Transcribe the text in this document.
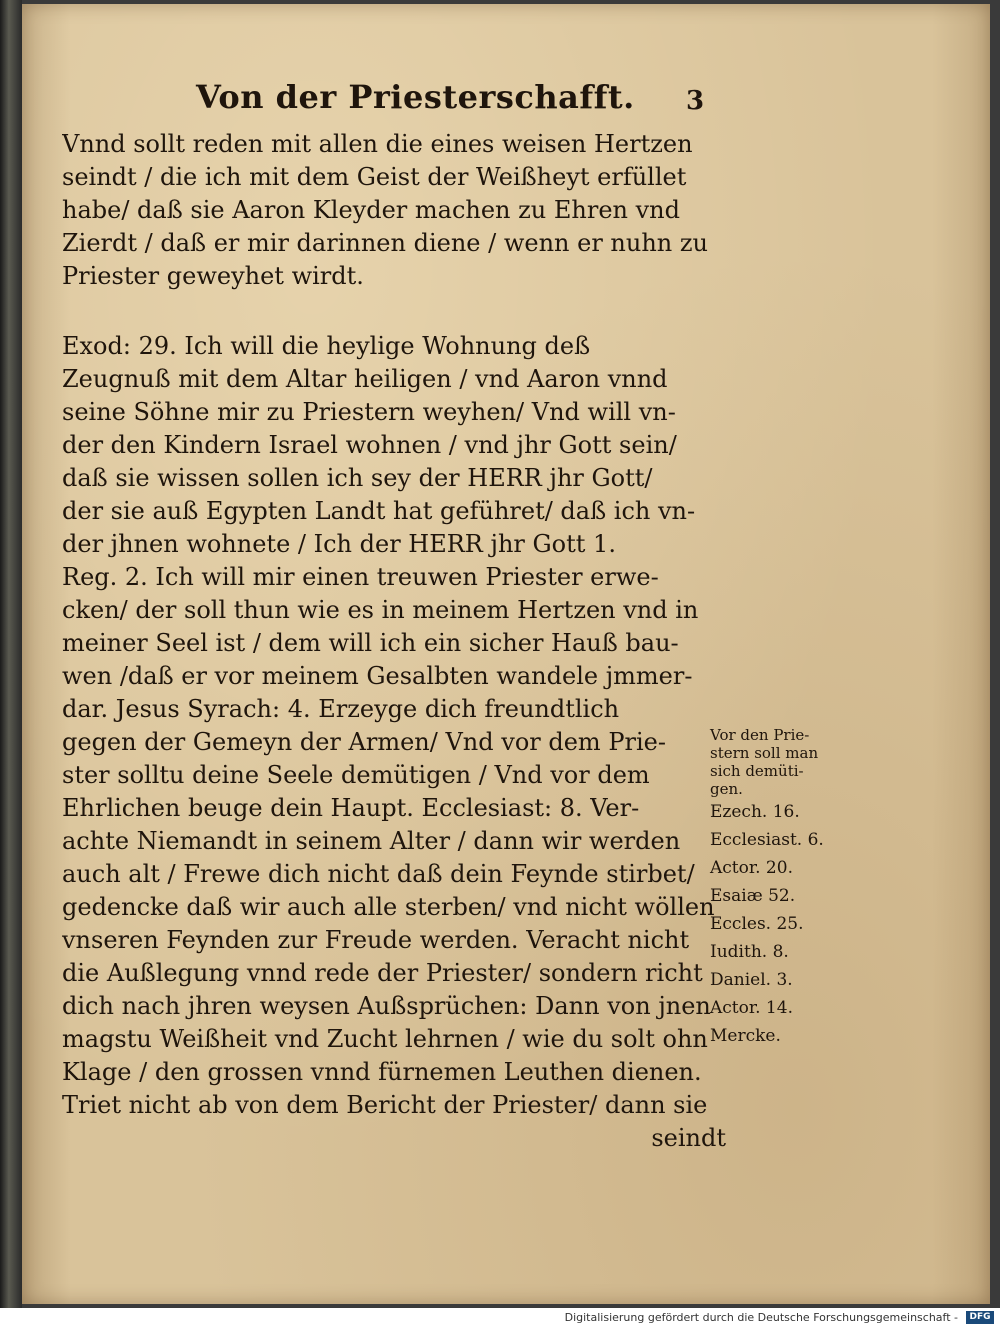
Von der Priesterschafft. 3
Vnnd sollt reden mit allen die eines weisen Hertzen
seindt / die ich mit dem Geist der Weißheyt erfüllet
habe/ daß sie Aaron Kleyder machen zu Ehren vnd
Zierdt / daß er mir darinnen diene / wenn er nuhn zu
Priester geweyhet wirdt.
Exod: 29. Ich will die heylige Wohnung deß
Zeugnuß mit dem Altar heiligen / vnd Aaron vnnd
seine Söhne mir zu Priestern weyhen/ Vnd will vn-
der den Kindern Israel wohnen / vnd jhr Gott sein/
daß sie wissen sollen ich sey der HERR jhr Gott/
der sie auß Egypten Landt hat geführet/ daß ich vn-
der jhnen wohnete / Ich der HERR jhr Gott 1.
Reg. 2. Ich will mir einen treuwen Priester erwe-
cken/ der soll thun wie es in meinem Hertzen vnd in
meiner Seel ist / dem will ich ein sicher Hauß bau-
wen /daß er vor meinem Gesalbten wandele jmmer-
dar. Jesus Syrach: 4. Erzeyge dich freundtlich
gegen der Gemeyn der Armen/ Vnd vor dem Prie-
ster solltu deine Seele demütigen / Vnd vor dem
Ehrlichen beuge dein Haupt. Ecclesiast: 8. Ver-
achte Niemandt in seinem Alter / dann wir werden
auch alt / Frewe dich nicht daß dein Feynde stirbet/
gedencke daß wir auch alle sterben/ vnd nicht wöllen
vnseren Feynden zur Freude werden. Veracht nicht
die Außlegung vnnd rede der Priester/ sondern richt
dich nach jhren weysen Außsprüchen: Dann von jnen
magstu Weißheit vnd Zucht lehrnen / wie du solt ohn
Klage / den grossen vnnd fürnemen Leuthen dienen.
Triet nicht ab von dem Bericht der Priester/ dann sie
seindt
Vor den Prie-
stern soll man
sich demüti-
gen.
Ezech. 16.
Ecclesiast. 6.
Actor. 20.
Esaiæ 52.
Eccles. 25.
Iudith. 8.
Daniel. 3.
Actor. 14.
Mercke.
Digitalisierung gefördert durch die Deutsche Forschungsgemeinschaft -	DFG
